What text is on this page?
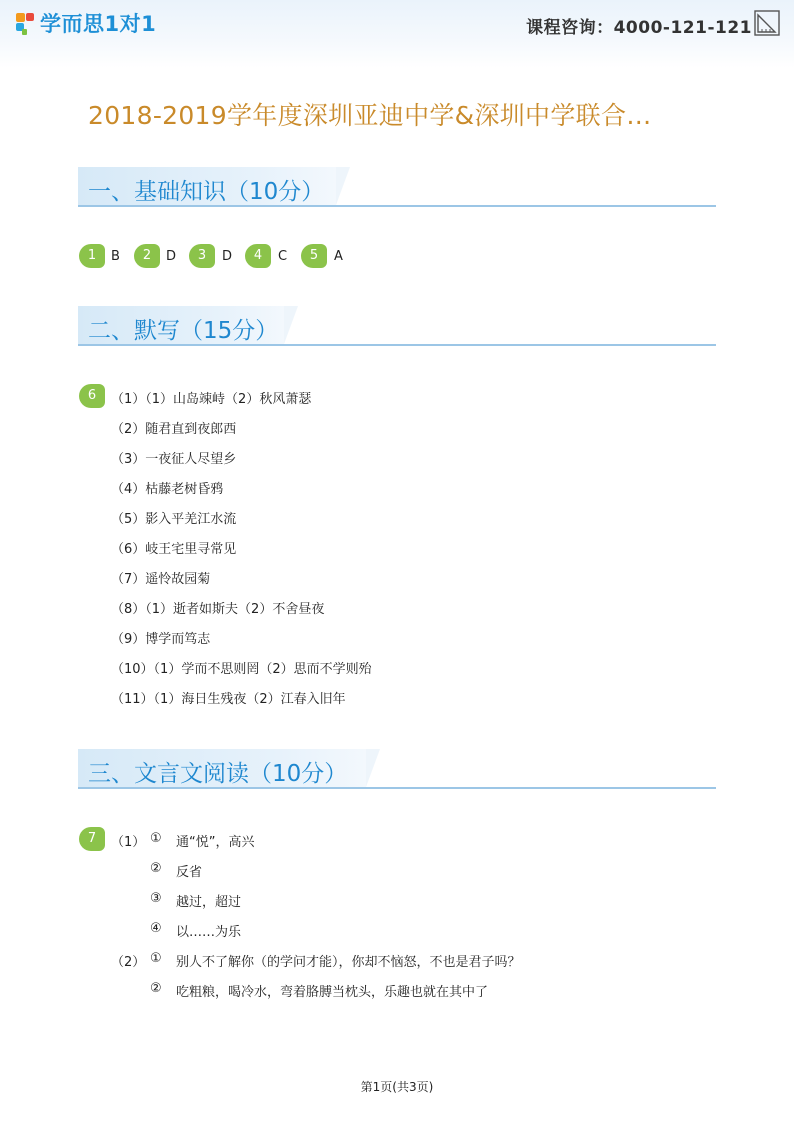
学而思1对1	课程咨询：4000-121-121
2018-2019学年度深圳亚迪中学&深圳中学联合…
一、基础知识（10分）
1	B	2	D	3	D	4	C	5	A
二、默写（15分）
6	（1）（1）山岛竦峙（2）秋风萧瑟
（2）随君直到夜郎西
（3）一夜征人尽望乡
（4）枯藤老树昏鸦
（5）影入平羌江水流
（6）岐王宅里寻常见
（7）遥怜故园菊
（8）（1）逝者如斯夫（2）不舍昼夜
（9）博学而笃志
（10）（1）学而不思则罔（2）思而不学则殆
（11）（1）海日生残夜（2）江春入旧年
三、文言文阅读（10分）
7	（1） ① 通“悦”，高兴
② 反省
③ 越过，超过
④ 以……为乐
（2） ① 别人不了解你（的学问才能），你却不恼怒，不也是君子吗？
② 吃粗粮，喝冷水，弯着胳膊当枕头，乐趣也就在其中了
第1页(共3页)
